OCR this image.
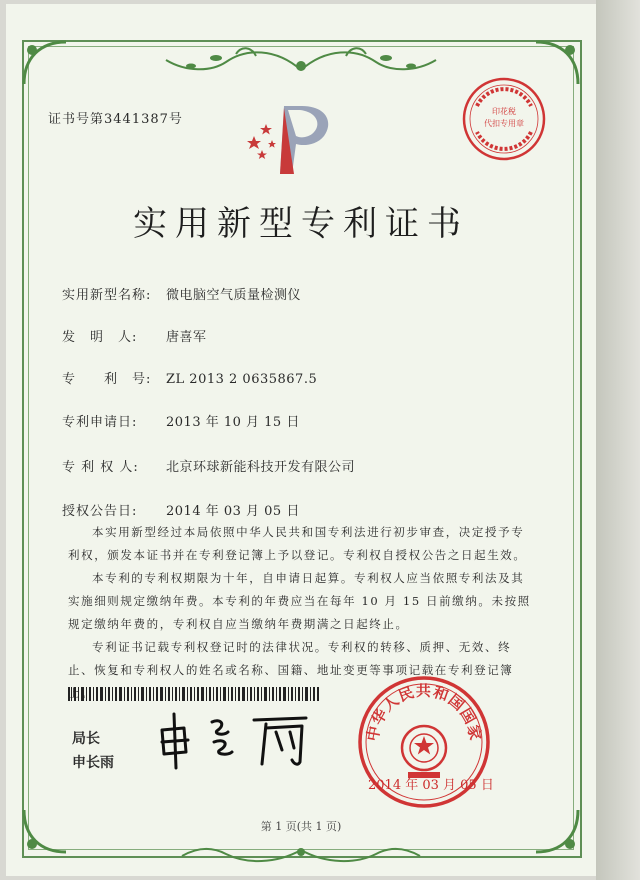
证书号第3441387号
印花税
代扣专用章
实用新型专利证书
实用新型名称: 微电脑空气质量检测仪
发　明　人: 唐喜军
专　　利　号: ZL 2013 2 0635867.5
专利申请日: 2013 年 10 月 15 日
专 利 权 人: 北京环球新能科技开发有限公司
授权公告日: 2014 年 03 月 05 日

本实用新型经过本局依照中华人民共和国专利法进行初步审查，决定授予专利权，颁发本证书并在专利登记簿上予以登记。专利权自授权公告之日起生效。

本专利的专利权期限为十年，自申请日起算。专利权人应当依照专利法及其实施细则规定缴纳年费。本专利的年费应当在每年 10 月 15 日前缴纳。未按照规定缴纳年费的，专利权自应当缴纳年费期满之日起终止。

专利证书记载专利权登记时的法律状况。专利权的转移、质押、无效、终止、恢复和专利权人的姓名或名称、国籍、地址变更等事项记载在专利登记簿 。

局长
申长雨
中华人民共和国国家
2014 年 03 月 05 日
第 1 页(共 1 页)
